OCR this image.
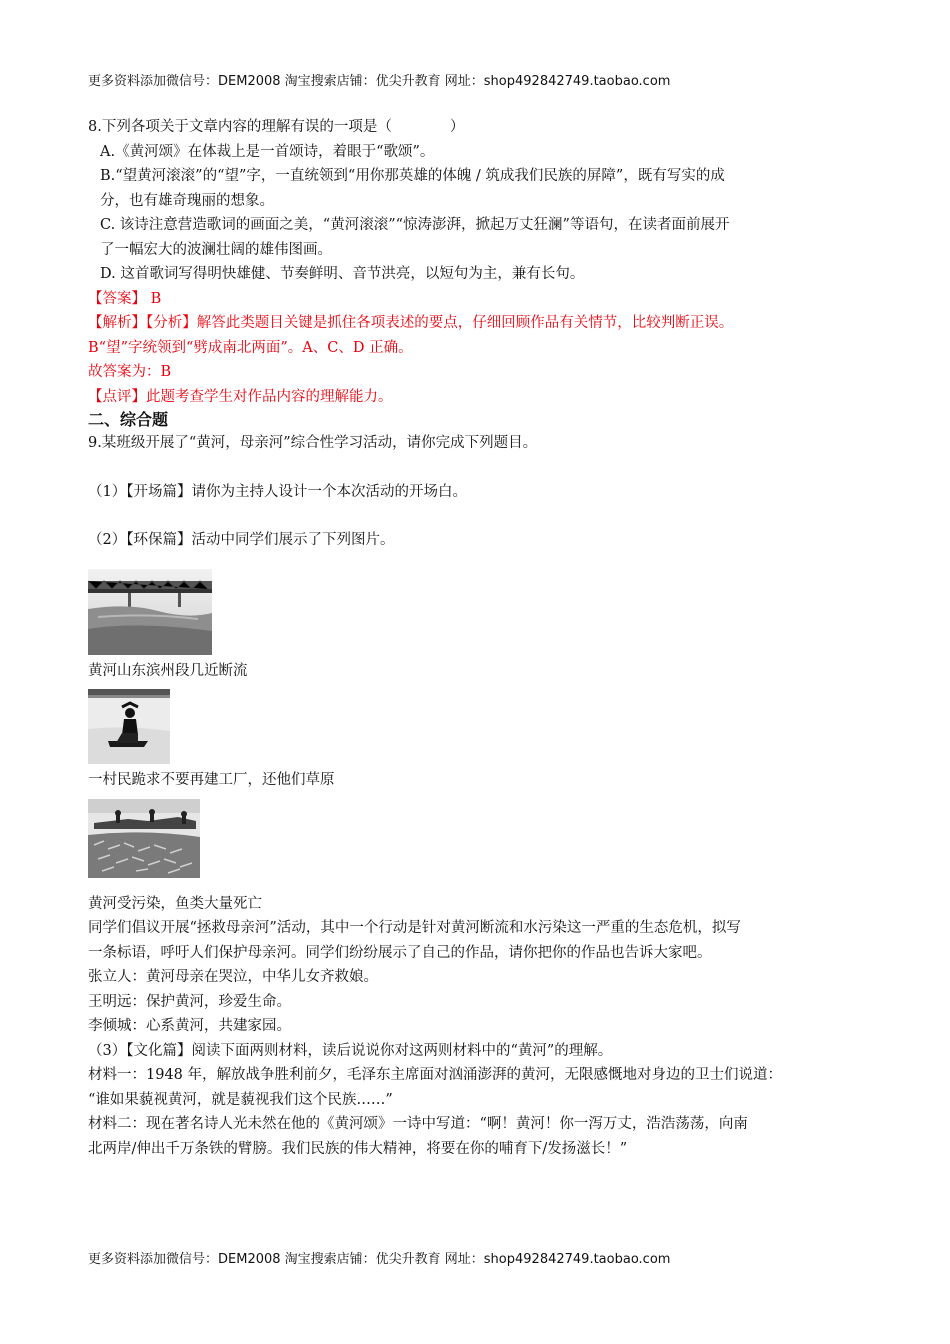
更多资料添加微信号：DEM2008 淘宝搜索店铺：优尖升教育 网址：shop492842749.taobao.com

8.下列各项关于文章内容的理解有误的一项是（　　　　）

A.《黄河颂》在体裁上是一首颂诗，着眼于“歌颂”。

B.“望黄河滚滚”的“望”字，一直统领到“用你那英雄的体魄 / 筑成我们民族的屏障”，既有写实的成

分，也有雄奇瑰丽的想象。

C. 该诗注意营造歌词的画面之美，“黄河滚滚”“惊涛澎湃，掀起万丈狂澜”等语句，在读者面前展开

了一幅宏大的波澜壮阔的雄伟图画。

D. 这首歌词写得明快雄健、节奏鲜明、音节洪亮，以短句为主，兼有长句。

【答案】 B

【解析】【分析】解答此类题目关键是抓住各项表述的要点，仔细回顾作品有关情节，比较判断正误。

B“望”字统领到“劈成南北两面”。A、C、D 正确。

故答案为：B

【点评】此题考查学生对作品内容的理解能力。

二、综合题

9.某班级开展了“黄河，母亲河”综合性学习活动，请你完成下列题目。

（1）【开场篇】请你为主持人设计一个本次活动的开场白。

（2）【环保篇】活动中同学们展示了下列图片。

黄河山东滨州段几近断流

一村民跪求不要再建工厂，还他们草原

黄河受污染，鱼类大量死亡

同学们倡议开展“拯救母亲河”活动，其中一个行动是针对黄河断流和水污染这一严重的生态危机，拟写

一条标语，呼吁人们保护母亲河。同学们纷纷展示了自己的作品，请你把你的作品也告诉大家吧。

张立人：黄河母亲在哭泣，中华儿女齐救娘。

王明远：保护黄河，珍爱生命。

李倾城：心系黄河，共建家园。

（3）【文化篇】阅读下面两则材料，读后说说你对这两则材料中的“黄河”的理解。

材料一：1948 年，解放战争胜利前夕，毛泽东主席面对汹涌澎湃的黄河，无限感慨地对身边的卫士们说道：

“谁如果藐视黄河，就是藐视我们这个民族……”

材料二：现在著名诗人光未然在他的《黄河颂》一诗中写道：“啊！黄河！你一泻万丈，浩浩荡荡，向南

北两岸/伸出千万条铁的臂膀。我们民族的伟大精神，将要在你的哺育下/发扬滋长！”

更多资料添加微信号：DEM2008 淘宝搜索店铺：优尖升教育 网址：shop492842749.taobao.com
